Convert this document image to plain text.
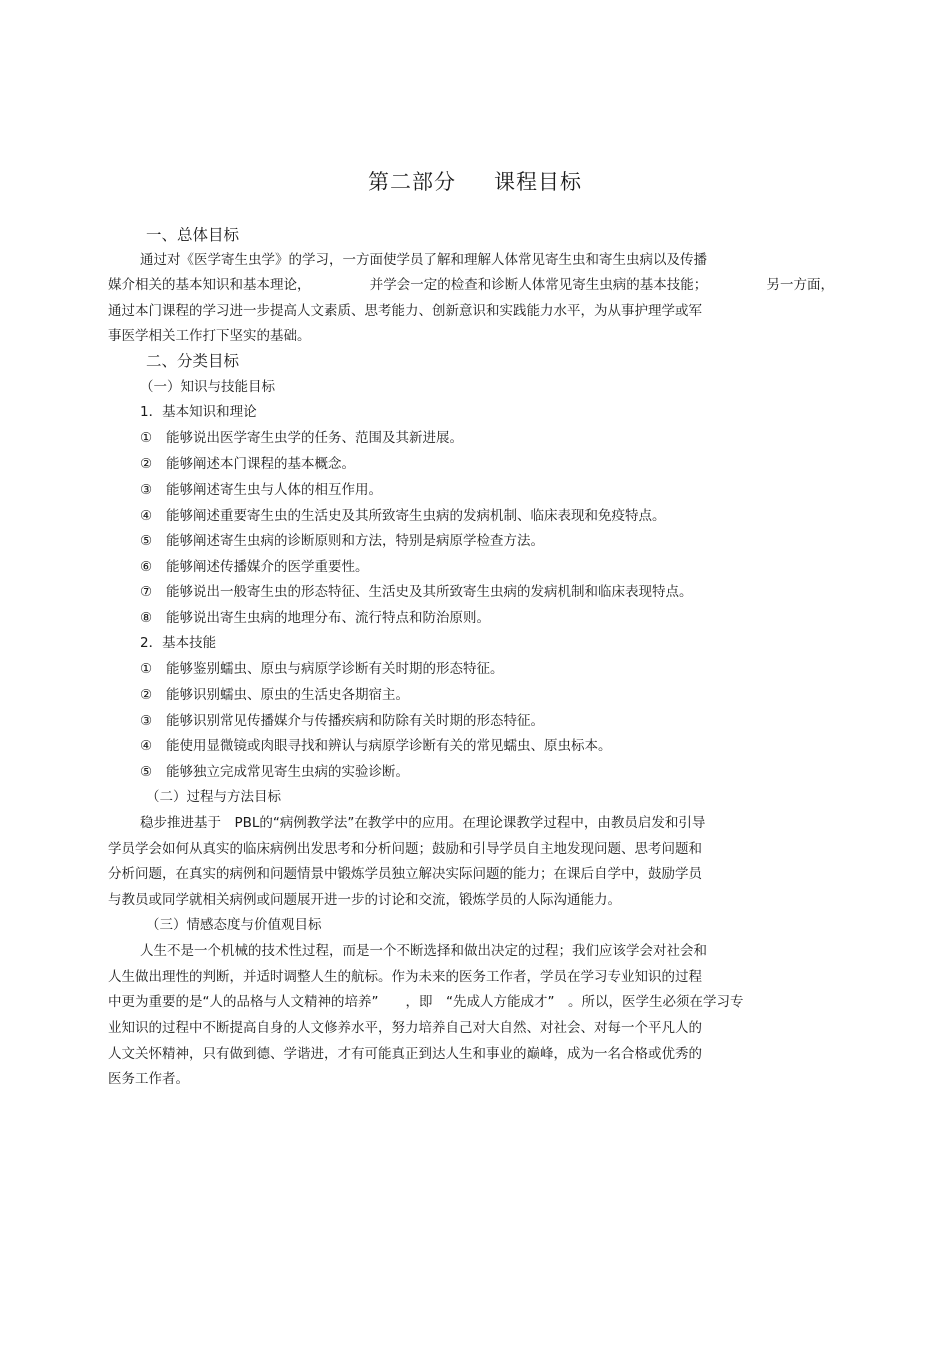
第二部分 课程目标
一、总体目标
通过对《医学寄生虫学》的学习，一方面使学员了解和理解人体常见寄生虫和寄生虫病以及传播
媒介相关的基本知识和基本理论，	并学会一定的检查和诊断人体常见寄生虫病的基本技能；	另一方面，
通过本门课程的学习进一步提高人文素质、思考能力、创新意识和实践能力水平，为从事护理学或军
事医学相关工作打下坚实的基础。
二、分类目标
（一）知识与技能目标
1．基本知识和理论
① 能够说出医学寄生虫学的任务、范围及其新进展。
② 能够阐述本门课程的基本概念。
③ 能够阐述寄生虫与人体的相互作用。
④ 能够阐述重要寄生虫的生活史及其所致寄生虫病的发病机制、临床表现和免疫特点。
⑤ 能够阐述寄生虫病的诊断原则和方法，特别是病原学检查方法。
⑥ 能够阐述传播媒介的医学重要性。
⑦ 能够说出一般寄生虫的形态特征、生活史及其所致寄生虫病的发病机制和临床表现特点。
⑧ 能够说出寄生虫病的地理分布、流行特点和防治原则。
2．基本技能
① 能够鉴别蠕虫、原虫与病原学诊断有关时期的形态特征。
② 能够识别蠕虫、原虫的生活史各期宿主。
③ 能够识别常见传播媒介与传播疾病和防除有关时期的形态特征。
④ 能使用显微镜或肉眼寻找和辨认与病原学诊断有关的常见蠕虫、原虫标本。
⑤ 能够独立完成常见寄生虫病的实验诊断。
（二）过程与方法目标
稳步推进基于　PBL的“病例教学法”在教学中的应用。在理论课教学过程中，由教员启发和引导
学员学会如何从真实的临床病例出发思考和分析问题；鼓励和引导学员自主地发现问题、思考问题和
分析问题，在真实的病例和问题情景中锻炼学员独立解决实际问题的能力；在课后自学中，鼓励学员
与教员或同学就相关病例或问题展开进一步的讨论和交流，锻炼学员的人际沟通能力。
（三）情感态度与价值观目标
人生不是一个机械的技术性过程，而是一个不断选择和做出决定的过程；我们应该学会对社会和
人生做出理性的判断，并适时调整人生的航标。作为未来的医务工作者，学员在学习专业知识的过程
中更为重要的是“人的品格与人文精神的培养”　　，即　“先成人方能成才”　。所以，医学生必须在学习专
业知识的过程中不断提高自身的人文修养水平，努力培养自己对大自然、对社会、对每一个平凡人的
人文关怀精神，只有做到德、学谐进，才有可能真正到达人生和事业的巅峰，成为一名合格或优秀的
医务工作者。
